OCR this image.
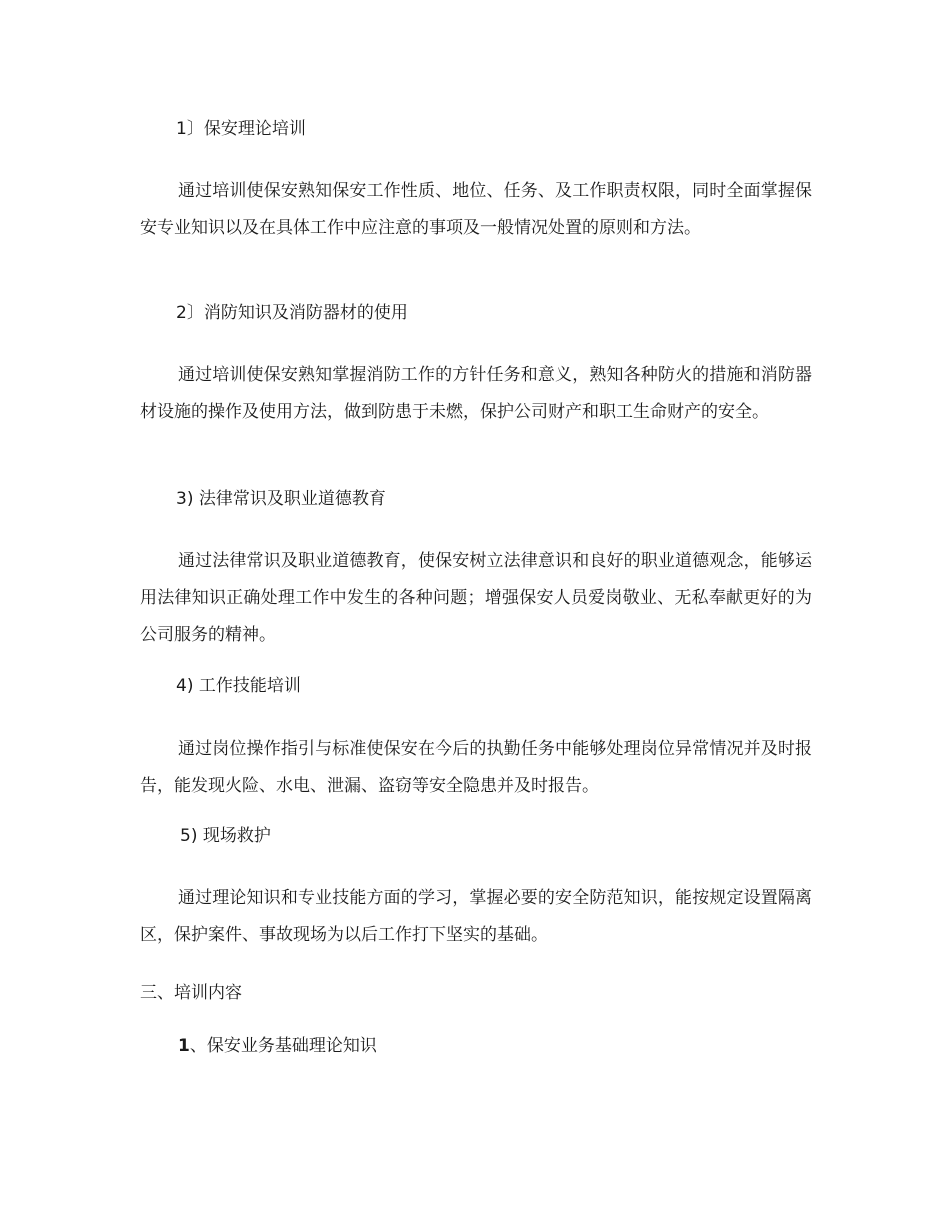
1〕保安理论培训
通过培训使保安熟知保安工作性质、地位、任务、及工作职责权限，同时全面掌握保安专业知识以及在具体工作中应注意的事项及一般情况处置的原则和方法。
2〕消防知识及消防器材的使用
通过培训使保安熟知掌握消防工作的方针任务和意义，熟知各种防火的措施和消防器材设施的操作及使用方法，做到防患于未燃，保护公司财产和职工生命财产的安全。
3) 法律常识及职业道德教育
通过法律常识及职业道德教育，使保安树立法律意识和良好的职业道德观念，能够运用法律知识正确处理工作中发生的各种问题；增强保安人员爱岗敬业、无私奉献更好的为公司服务的精神。
4) 工作技能培训
通过岗位操作指引与标准使保安在今后的执勤任务中能够处理岗位异常情况并及时报告，能发现火险、水电、泄漏、盗窃等安全隐患并及时报告。
5) 现场救护
通过理论知识和专业技能方面的学习，掌握必要的安全防范知识，能按规定设置隔离区，保护案件、事故现场为以后工作打下坚实的基础。
三、培训内容
1、保安业务基础理论知识
